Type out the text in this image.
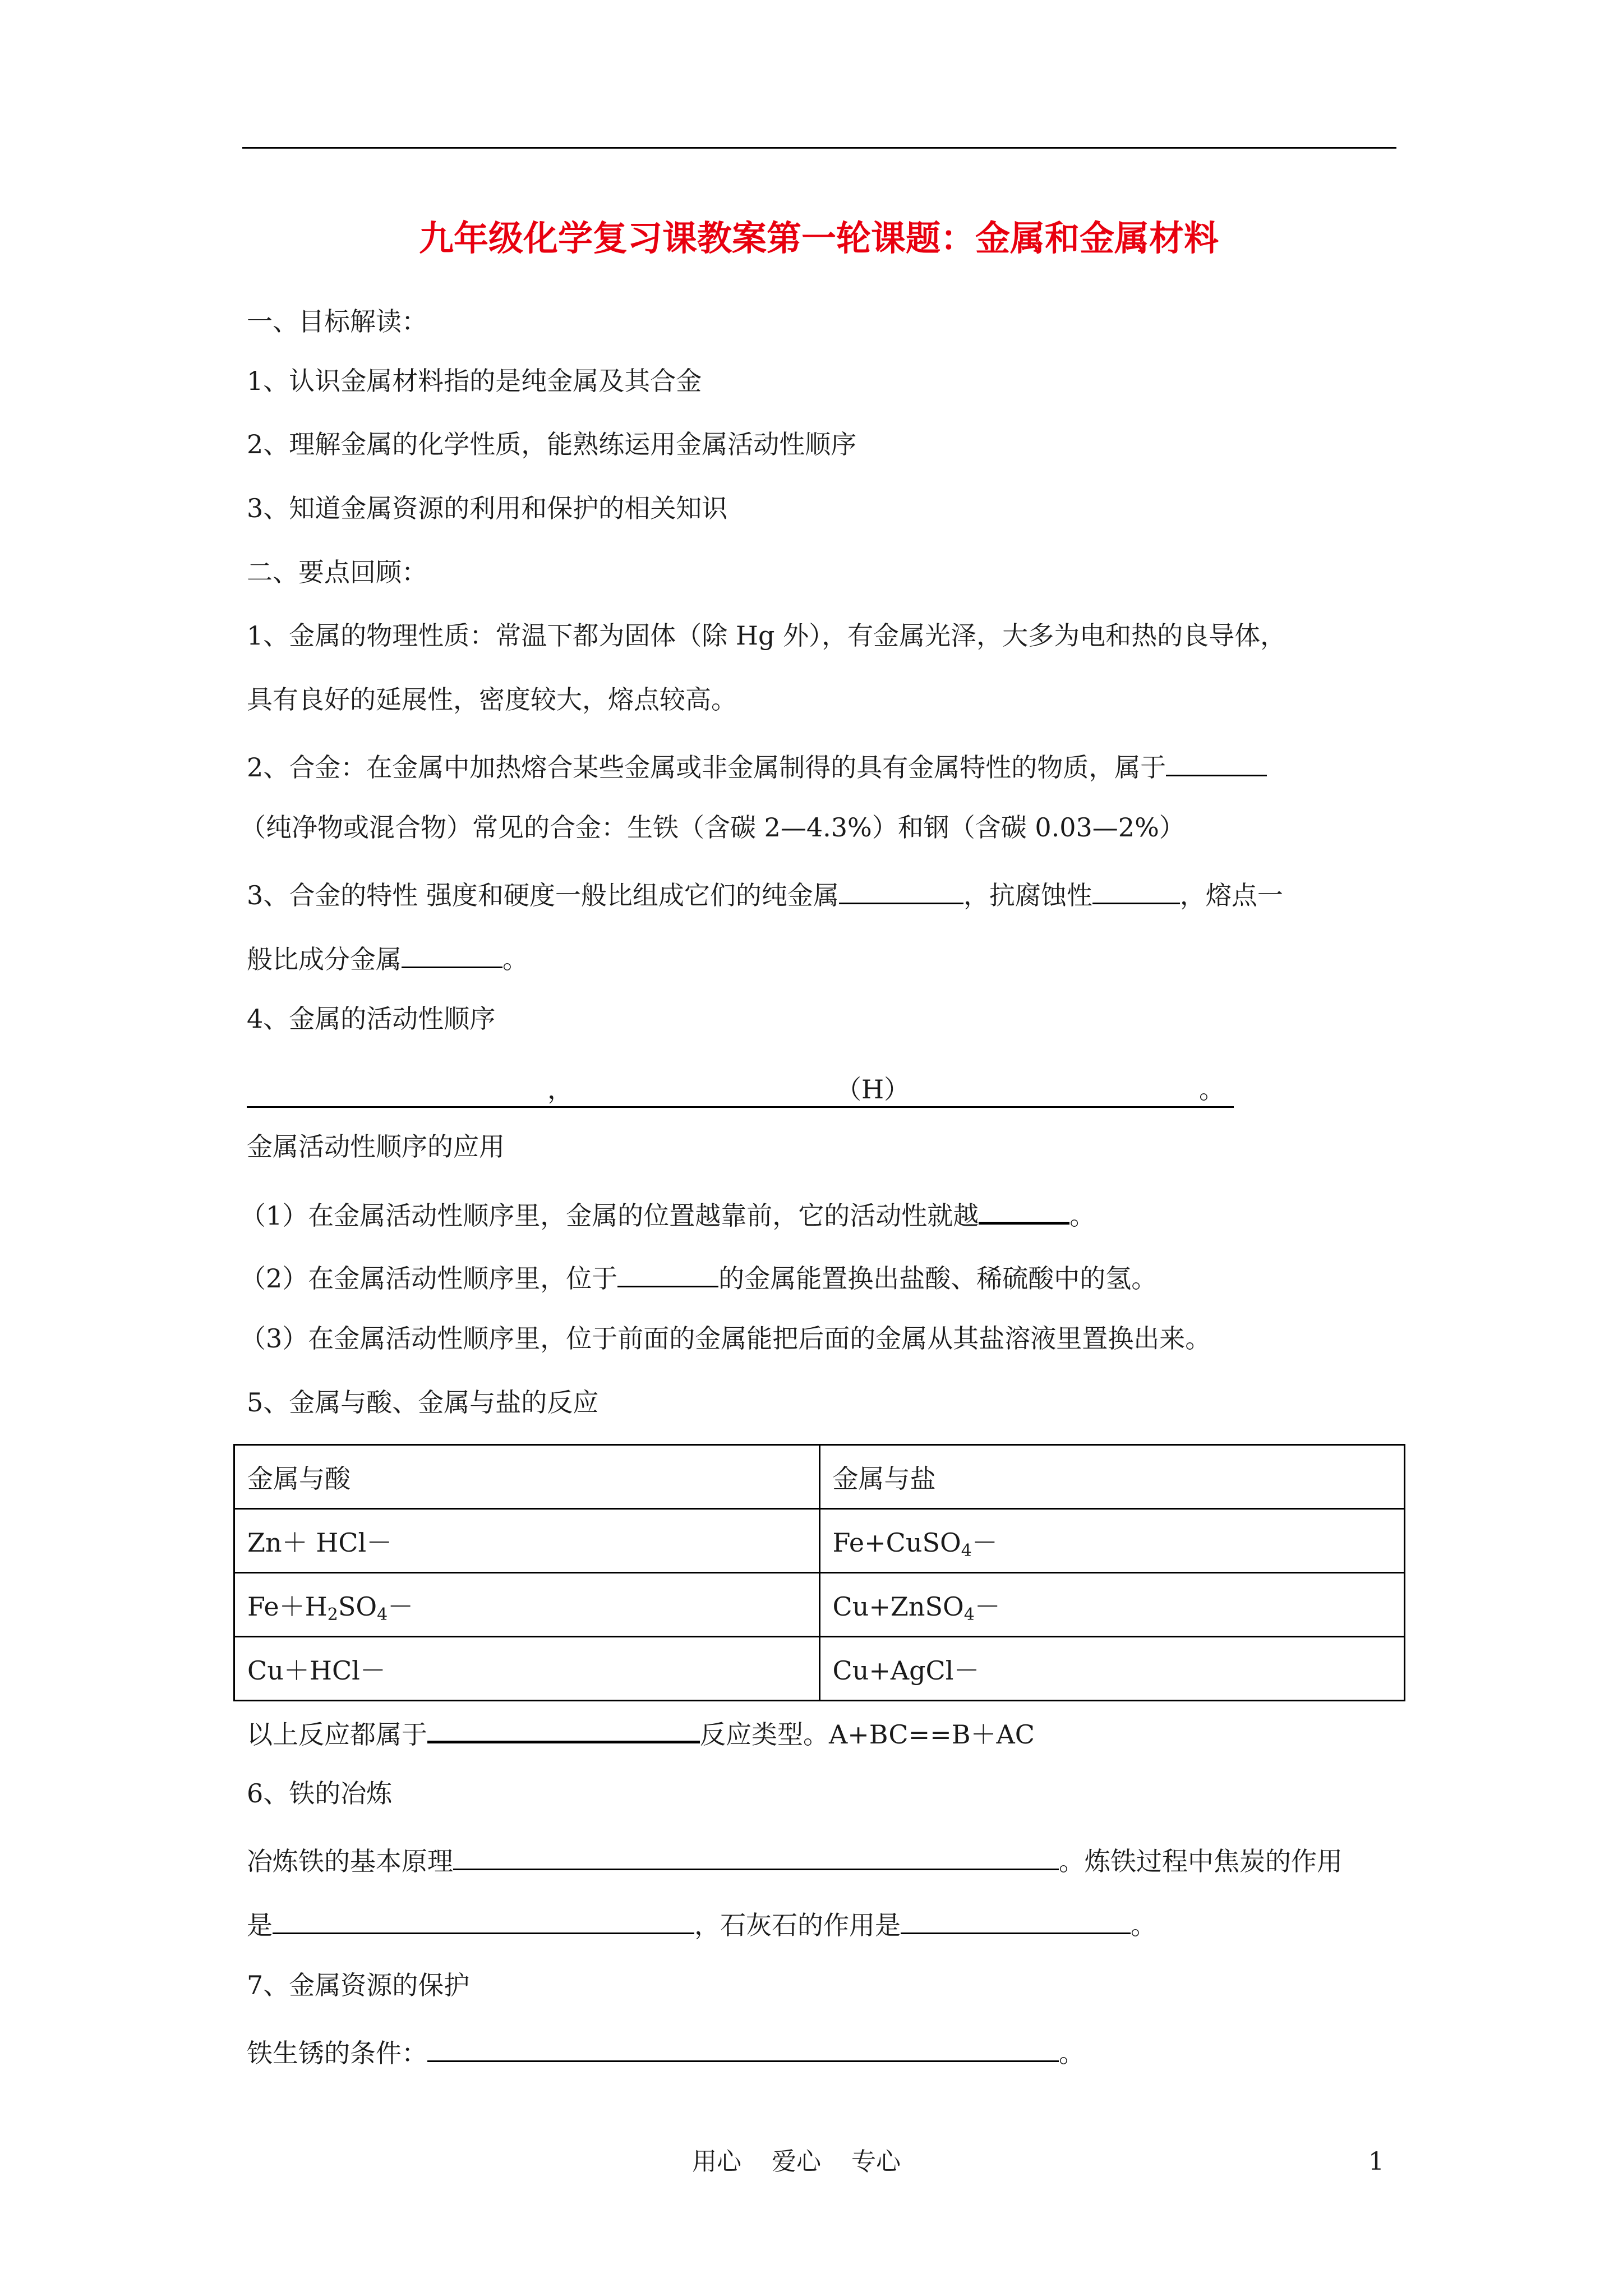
九年级化学复习课教案第一轮课题：金属和金属材料
一、目标解读：
1、认识金属材料指的是纯金属及其合金
2、理解金属的化学性质，能熟练运用金属活动性顺序
3、知道金属资源的利用和保护的相关知识
二、要点回顾：
1、金属的物理性质：常温下都为固体（除 Hg 外），有金属光泽，大多为电和热的良导体，
具有良好的延展性，密度较大，熔点较高。
2、合金：在金属中加热熔合某些金属或非金属制得的具有金属特性的物质，属于
（纯净物或混合物）常见的合金：生铁（含碳 2—4.3%）和钢（含碳 0.03—2%）
3、合金的特性 强度和硬度一般比组成它们的纯金属	，抗腐蚀性	，熔点一
般比成分金属	。
4、金属的活动性顺序
，	（H）	。
金属活动性顺序的应用
（1）在金属活动性顺序里，金属的位置越靠前，它的活动性就越	。
（2）在金属活动性顺序里，位于	的金属能置换出盐酸、稀硫酸中的氢。
（3）在金属活动性顺序里，位于前面的金属能把后面的金属从其盐溶液里置换出来。
5、金属与酸、金属与盐的反应
金属与酸	金属与盐
Zn＋ HCl－	Fe+CuSO$_4$－
$Fe+H_2SO_4-$	Cu+ZnSO$_4$－
Cu＋HCl－	Cu+AgCl－
以上反应都属于	反应类型。A+BC==B＋AC
6、铁的冶炼
冶炼铁的基本原理	。炼铁过程中焦炭的作用
是	，石灰石的作用是	。
7、金属资源的保护
铁生锈的条件：	。
用心 爱心 专心	1
